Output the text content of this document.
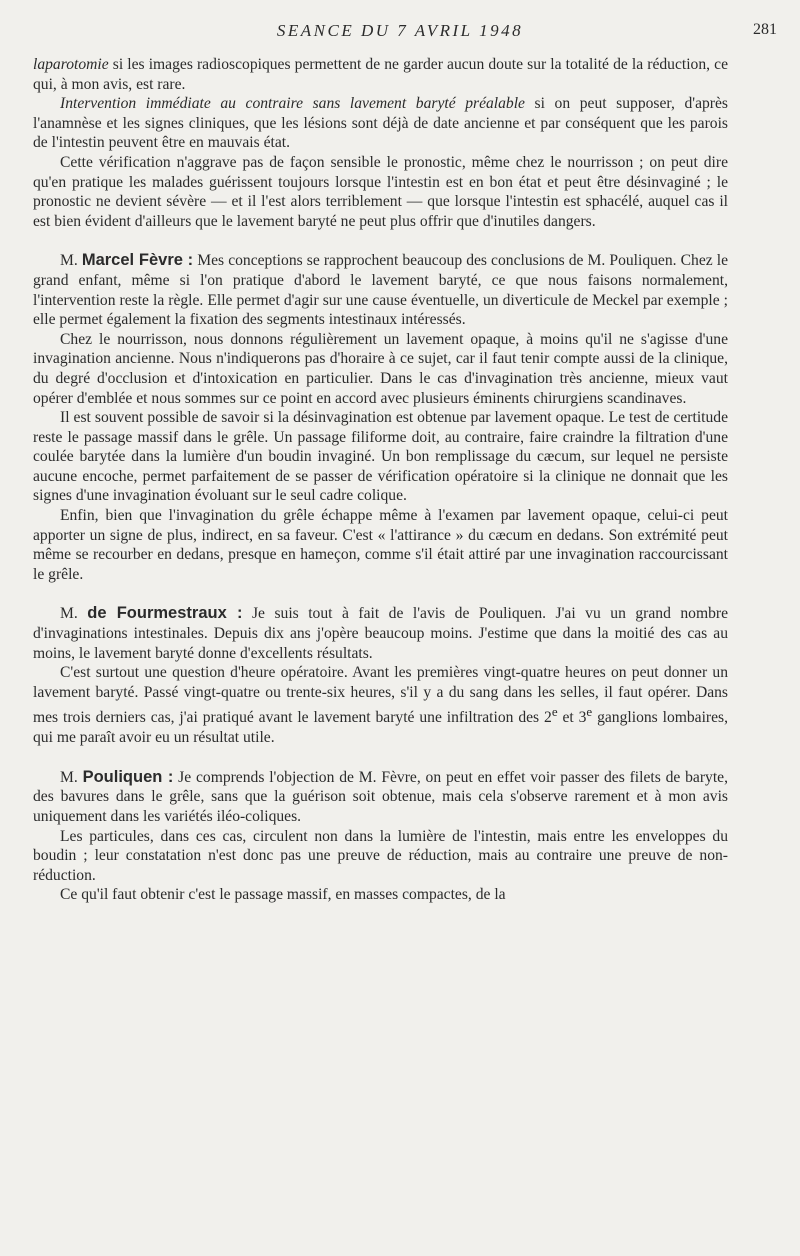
SEANCE DU 7 AVRIL 1948	281

laparotomie si les images radioscopiques permettent de ne garder aucun doute sur la totalité de la réduction, ce qui, à mon avis, est rare.

Intervention immédiate au contraire sans lavement baryté préalable si on peut supposer, d'après l'anamnèse et les signes cliniques, que les lésions sont déjà de date ancienne et par conséquent que les parois de l'intestin peuvent être en mauvais état.

Cette vérification n'aggrave pas de façon sensible le pronostic, même chez le nourrisson ; on peut dire qu'en pratique les malades guérissent toujours lorsque l'intestin est en bon état et peut être désinvaginé ; le pronostic ne devient sévère — et il l'est alors terriblement — que lorsque l'intestin est sphacélé, auquel cas il est bien évident d'ailleurs que le lavement baryté ne peut plus offrir que d'inutiles dangers.

M. Marcel Fèvre : Mes conceptions se rapprochent beaucoup des conclusions de M. Pouliquen. Chez le grand enfant, même si l'on pratique d'abord le lavement baryté, ce que nous faisons normalement, l'intervention reste la règle. Elle permet d'agir sur une cause éventuelle, un diverticule de Meckel par exemple ; elle permet également la fixation des segments intestinaux intéressés.

Chez le nourrisson, nous donnons régulièrement un lavement opaque, à moins qu'il ne s'agisse d'une invagination ancienne. Nous n'indiquerons pas d'horaire à ce sujet, car il faut tenir compte aussi de la clinique, du degré d'occlusion et d'intoxication en particulier. Dans le cas d'invagination très ancienne, mieux vaut opérer d'emblée et nous sommes sur ce point en accord avec plusieurs éminents chirurgiens scandinaves.

Il est souvent possible de savoir si la désinvagination est obtenue par lavement opaque. Le test de certitude reste le passage massif dans le grêle. Un passage filiforme doit, au contraire, faire craindre la filtration d'une coulée barytée dans la lumière d'un boudin invaginé. Un bon remplissage du cæcum, sur lequel ne persiste aucune encoche, permet parfaitement de se passer de vérification opératoire si la clinique ne donnait que les signes d'une invagination évoluant sur le seul cadre colique.

Enfin, bien que l'invagination du grêle échappe même à l'examen par lavement opaque, celui-ci peut apporter un signe de plus, indirect, en sa faveur. C'est « l'attirance » du cæcum en dedans. Son extrémité peut même se recourber en dedans, presque en hameçon, comme s'il était attiré par une invagination raccourcissant le grêle.

M. de Fourmestraux : Je suis tout à fait de l'avis de Pouliquen. J'ai vu un grand nombre d'invaginations intestinales. Depuis dix ans j'opère beaucoup moins. J'estime que dans la moitié des cas au moins, le lavement baryté donne d'excellents résultats.

C'est surtout une question d'heure opératoire. Avant les premières vingt-quatre heures on peut donner un lavement baryté. Passé vingt-quatre ou trente-six heures, s'il y a du sang dans les selles, il faut opérer. Dans mes trois derniers cas, j'ai pratiqué avant le lavement baryté une infiltration des 2e et 3e ganglions lombaires, qui me paraît avoir eu un résultat utile.

M. Pouliquen : Je comprends l'objection de M. Fèvre, on peut en effet voir passer des filets de baryte, des bavures dans le grêle, sans que la guérison soit obtenue, mais cela s'observe rarement et à mon avis uniquement dans les variétés iléo-coliques.

Les particules, dans ces cas, circulent non dans la lumière de l'intestin, mais entre les enveloppes du boudin ; leur constatation n'est donc pas une preuve de réduction, mais au contraire une preuve de non-réduction.

Ce qu'il faut obtenir c'est le passage massif, en masses compactes, de la
